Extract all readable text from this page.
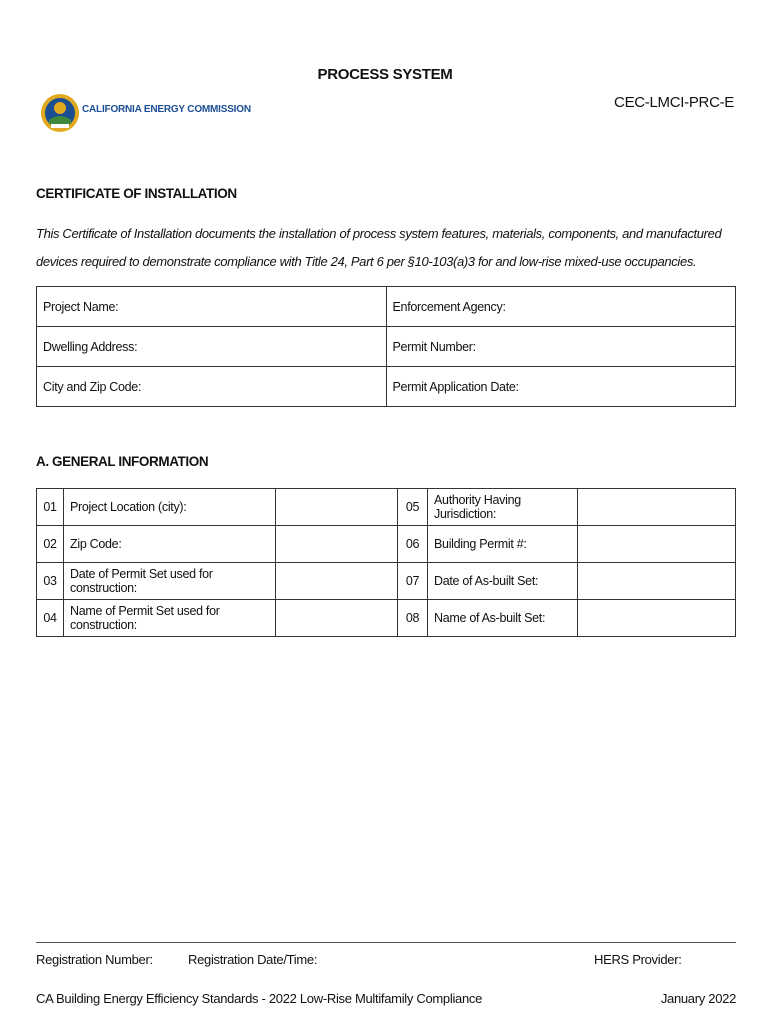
PROCESS SYSTEM
CEC-LMCI-PRC-E
CALIFORNIA ENERGY COMMISSION
CERTIFICATE OF INSTALLATION
This Certificate of Installation documents the installation of process system features, materials, components, and manufactured devices required to demonstrate compliance with Title 24, Part 6 per §10-103(a)3 for and low-rise mixed-use occupancies.
Project Name:	Enforcement Agency:
Dwelling Address:	Permit Number:
City and Zip Code:	Permit Application Date:
A. GENERAL INFORMATION
01	Project Location (city):		05	Authority Having Jurisdiction:	
02	Zip Code:		06	Building Permit #:	
03	Date of Permit Set used for construction:		07	Date of As-built Set:	
04	Name of Permit Set used for construction:		08	Name of As-built Set:	
Registration Number:	Registration Date/Time:	HERS Provider:
CA Building Energy Efficiency Standards - 2022 Low-Rise Multifamily Compliance	January 2022
